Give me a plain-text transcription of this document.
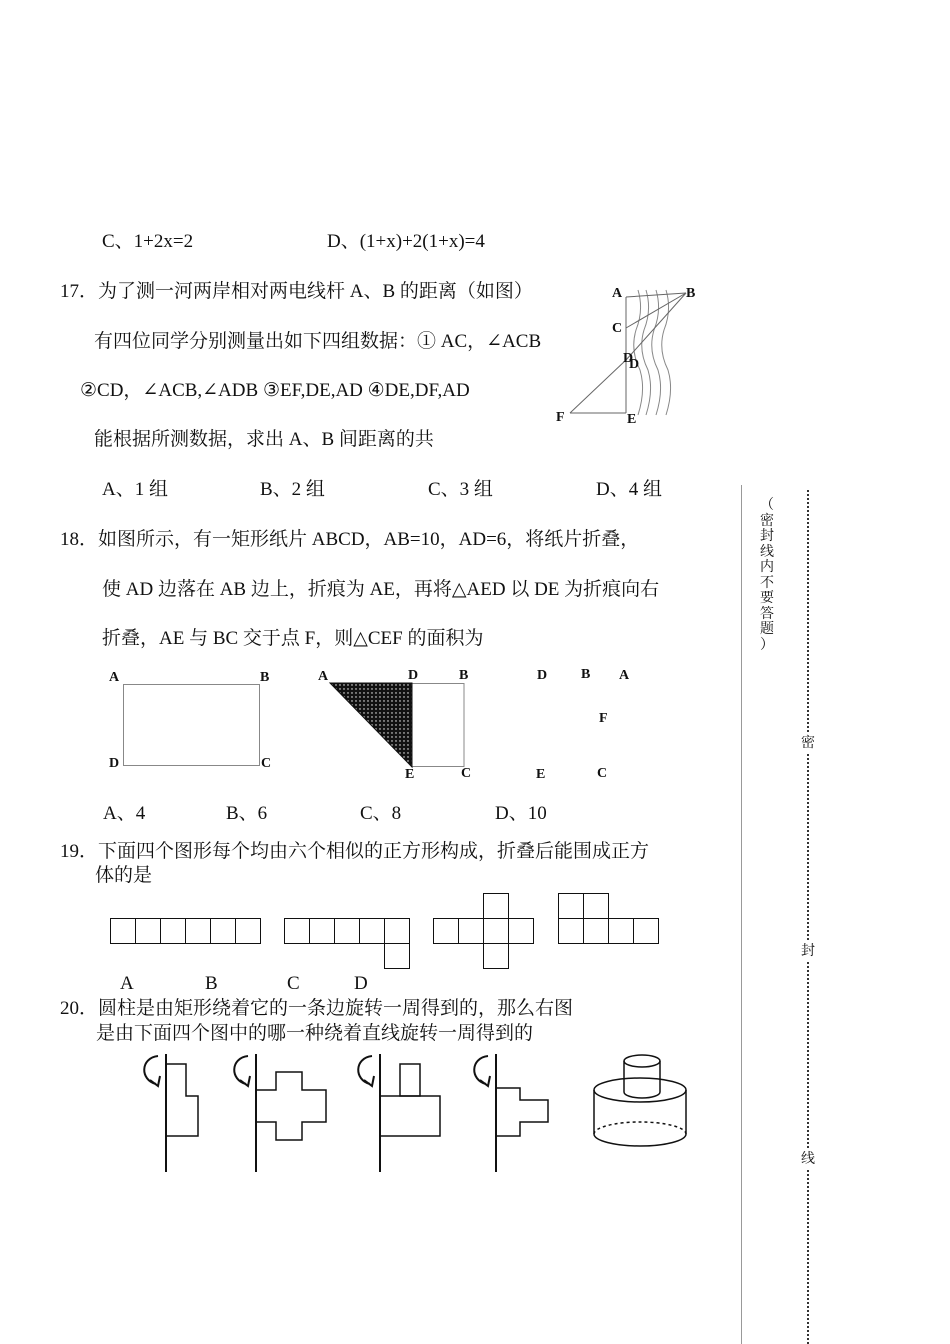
C、1+2x=2	D、(1+x)+2(1+x)=4
17．为了测一河两岸相对两电线杆 A、B 的距离（如图）
有四位同学分别测量出如下四组数据：① AC，∠ACB
②CD，∠ACB,∠ADB ③EF,DE,AD ④DE,DF,AD
能根据所测数据，求出 A、B 间距离的共
A、1 组	B、2 组	C、3 组	D、4 组
A	B
C
D
D
F	E
18．如图所示，有一矩形纸片 ABCD，AB=10，AD=6，将纸片折叠，
使 AD 边落在 AB 边上，折痕为 AE，再将△AED 以 DE 为折痕向右
折叠，AE 与 BC 交于点 F，则△CEF 的面积为
A	B
D	C
A	D	B
E	C
D B A
F
E	C
A、4	B、6	C、8	D、10
19．下面四个图形每个均由六个相似的正方形构成，折叠后能围成正方
体的是
A	B	C	D
20．圆柱是由矩形绕着它的一条边旋转一周得到的，那么右图
是由下面四个图中的哪一种绕着直线旋转一周得到的
（
密
封
线
内
不
要
答
题
）
密
封
线
